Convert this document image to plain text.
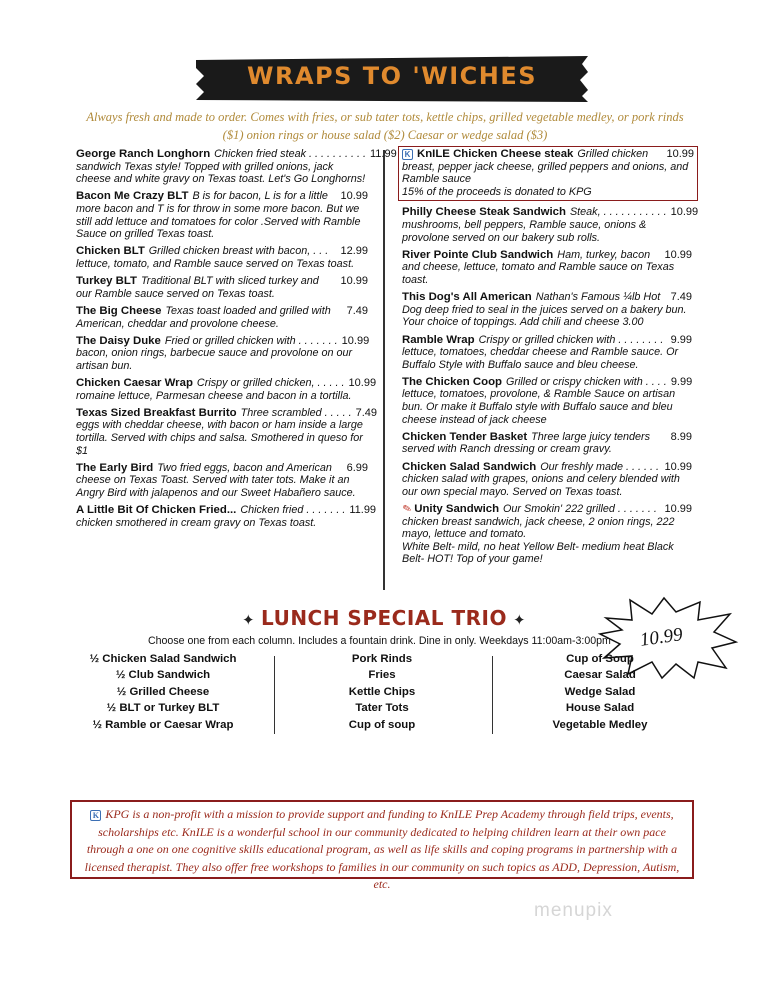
WRAPS TO 'WICHES
Always fresh and made to order. Comes with fries, or sub tater tots, kettle chips, grilled vegetable medley, or pork rinds
($1) onion rings or house salad ($2) Caesar or wedge salad ($3)
George Ranch Longhorn Chicken fried steak . . . . . . . . . . 11.99
sandwich Texas style! Topped with grilled onions, jack cheese and white gravy on Texas toast. Let's Go Longhorns!
Bacon Me Crazy BLT B is for bacon, L is for a little	10.99
more bacon and T is for throw in some more bacon. But we still add lettuce and tomatoes for color .Served with Ramble Sauce on grilled Texas toast.
Chicken BLT Grilled chicken breast with bacon, . . .	12.99
lettuce, tomato, and Ramble sauce served on Texas toast.
Turkey BLT Traditional BLT with sliced turkey and	10.99
our Ramble sauce served on Texas toast.
The Big Cheese Texas toast loaded and grilled with	7.49
American, cheddar and provolone cheese.
The Daisy Duke Fried or grilled chicken with . . . . . . . 10.99
bacon, onion rings, barbecue sauce and provolone on our artisan bun.
Chicken Caesar Wrap Crispy or grilled chicken, . . . . . 10.99
romaine lettuce, Parmesan cheese and bacon in a tortilla.
Texas Sized Breakfast Burrito Three scrambled . . . . . 7.49
eggs with cheddar cheese, with bacon or ham inside a large tortilla. Served with chips and salsa. Smothered in queso for $1
The Early Bird Two fried eggs, bacon and American	6.99
cheese on Texas Toast. Served with tater tots. Make it an Angry Bird with jalapenos and our Sweet Habañero sauce.
A Little Bit Of Chicken Fried... Chicken fried . . . . . . . 11.99
chicken smothered in cream gravy on Texas toast.
K KnILE Chicken Cheese steak Grilled chicken	10.99
breast, pepper jack cheese, grilled peppers and onions, and Ramble sauce
15% of the proceeds is donated to KPG
Philly Cheese Steak Sandwich Steak, . . . . . . . . . . . 10.99
mushrooms, bell peppers, Ramble sauce, onions & provolone served on our bakery sub rolls.
River Pointe Club Sandwich Ham, turkey, bacon	10.99
and cheese, lettuce, tomato and Ramble sauce on Texas toast.
This Dog's All American Nathan's Famous ¼lb Hot 7.49
Dog deep fried to seal in the juices served on a bakery bun. Your choice of toppings. Add chili and cheese 3.00
Ramble Wrap Crispy or grilled chicken with . . . . . . . . 9.99
lettuce, tomatoes, cheddar cheese and Ramble sauce. Or Buffalo Style with Buffalo sauce and bleu cheese.
The Chicken Coop Grilled or crispy chicken with . . . . 9.99
lettuce, tomatoes, provolone, & Ramble Sauce on artisan bun. Or make it Buffalo style with Buffalo sauce and bleu cheese instead of jack cheese
Chicken Tender Basket Three large juicy tenders	8.99
served with Ranch dressing or cream gravy.
Chicken Salad Sandwich Our freshly made . . . . . . 10.99
chicken salad with grapes, onions and celery blended with our own special mayo. Served on Texas toast.
✏ Unity Sandwich Our Smokin' 222 grilled . . . . . . . 10.99
chicken breast sandwich, jack cheese, 2 onion rings, 222 mayo, lettuce and tomato.
White Belt- mild, no heat Yellow Belt- medium heat Black Belt- HOT! Top of your game!
✦ LUNCH SPECIAL TRIO ✦
Choose one from each column. Includes a fountain drink. Dine in only. Weekdays 11:00am-3:00pm 10.99
½ Chicken Salad Sandwich
½ Club Sandwich
½ Grilled Cheese
½ BLT or Turkey BLT
½ Ramble or Caesar Wrap
Pork Rinds
Fries
Kettle Chips
Tater Tots
Cup of soup
Cup of Soup
Caesar Salad
Wedge Salad
House Salad
Vegetable Medley
K KPG is a non-profit with a mission to provide support and funding to KnILE Prep Academy through field trips, events, scholarships etc. KnILE is a wonderful school in our community dedicated to helping children learn at their own pace through a one on one cognitive skills educational program, as well as life skills and coping programs in partnership with a licensed therapist. They also offer free workshops to families in our community on such topics as ADD, Depression, Autism, etc.
menupix
